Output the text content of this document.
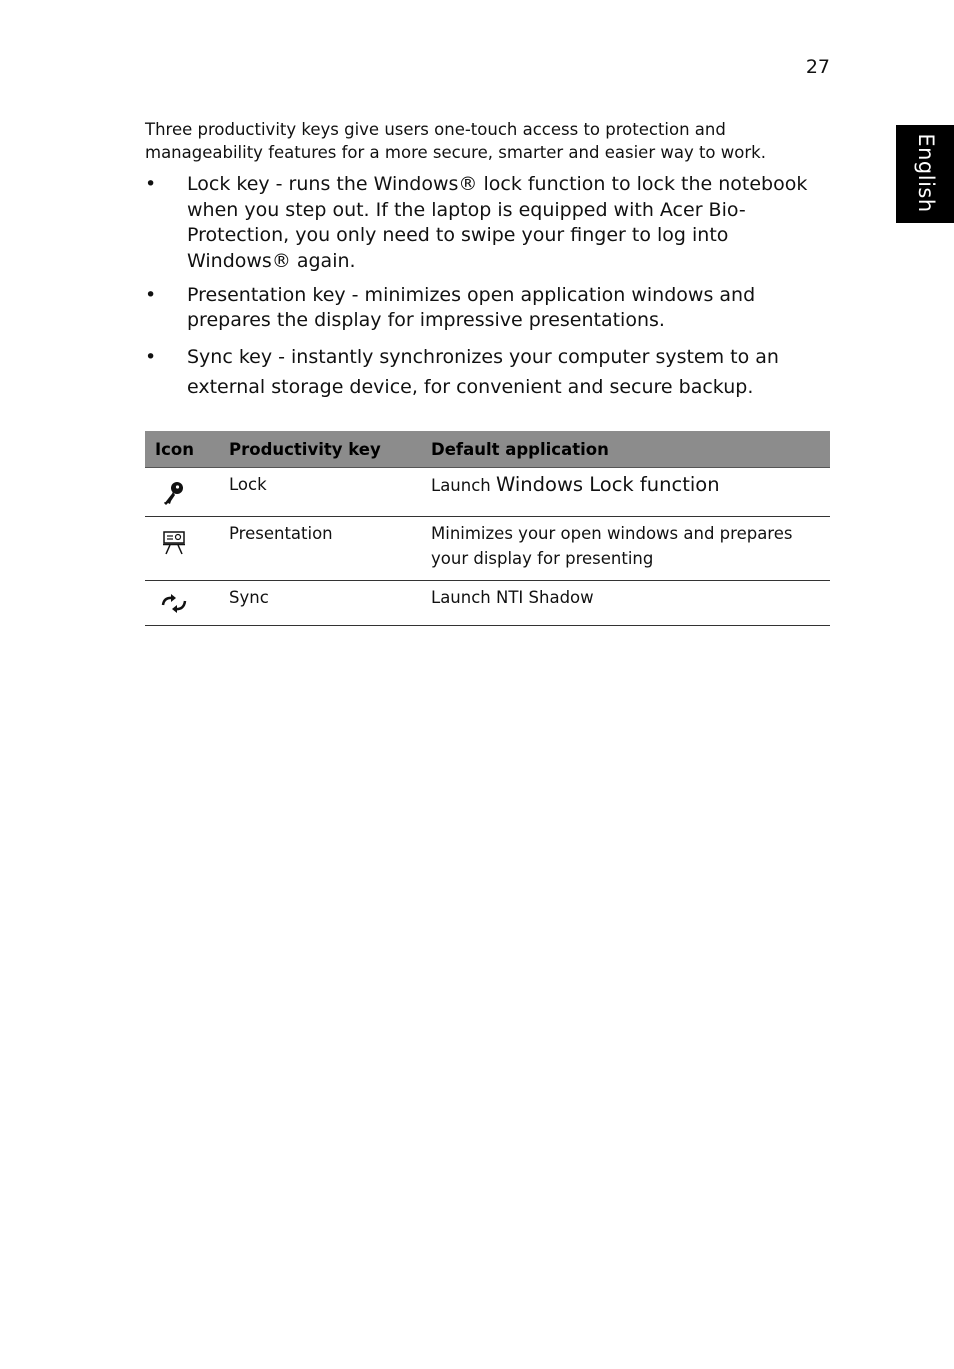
27
English

Three productivity keys give users one-touch access to protection and manageability features for a more secure, smarter and easier way to work.

• Lock key - runs the Windows® lock function to lock the notebook when you step out. If the laptop is equipped with Acer Bio-Protection, you only need to swipe your finger to log into Windows® again.
• Presentation key - minimizes open application windows and prepares the display for impressive presentations.
• Sync key - instantly synchronizes your computer system to an external storage device, for convenient and secure backup.
Icon	Productivity key	Default application

	Lock	Launch Windows Lock function

	Presentation	Minimizes your open windows and prepares your display for presenting

	Sync	Launch NTI Shadow
